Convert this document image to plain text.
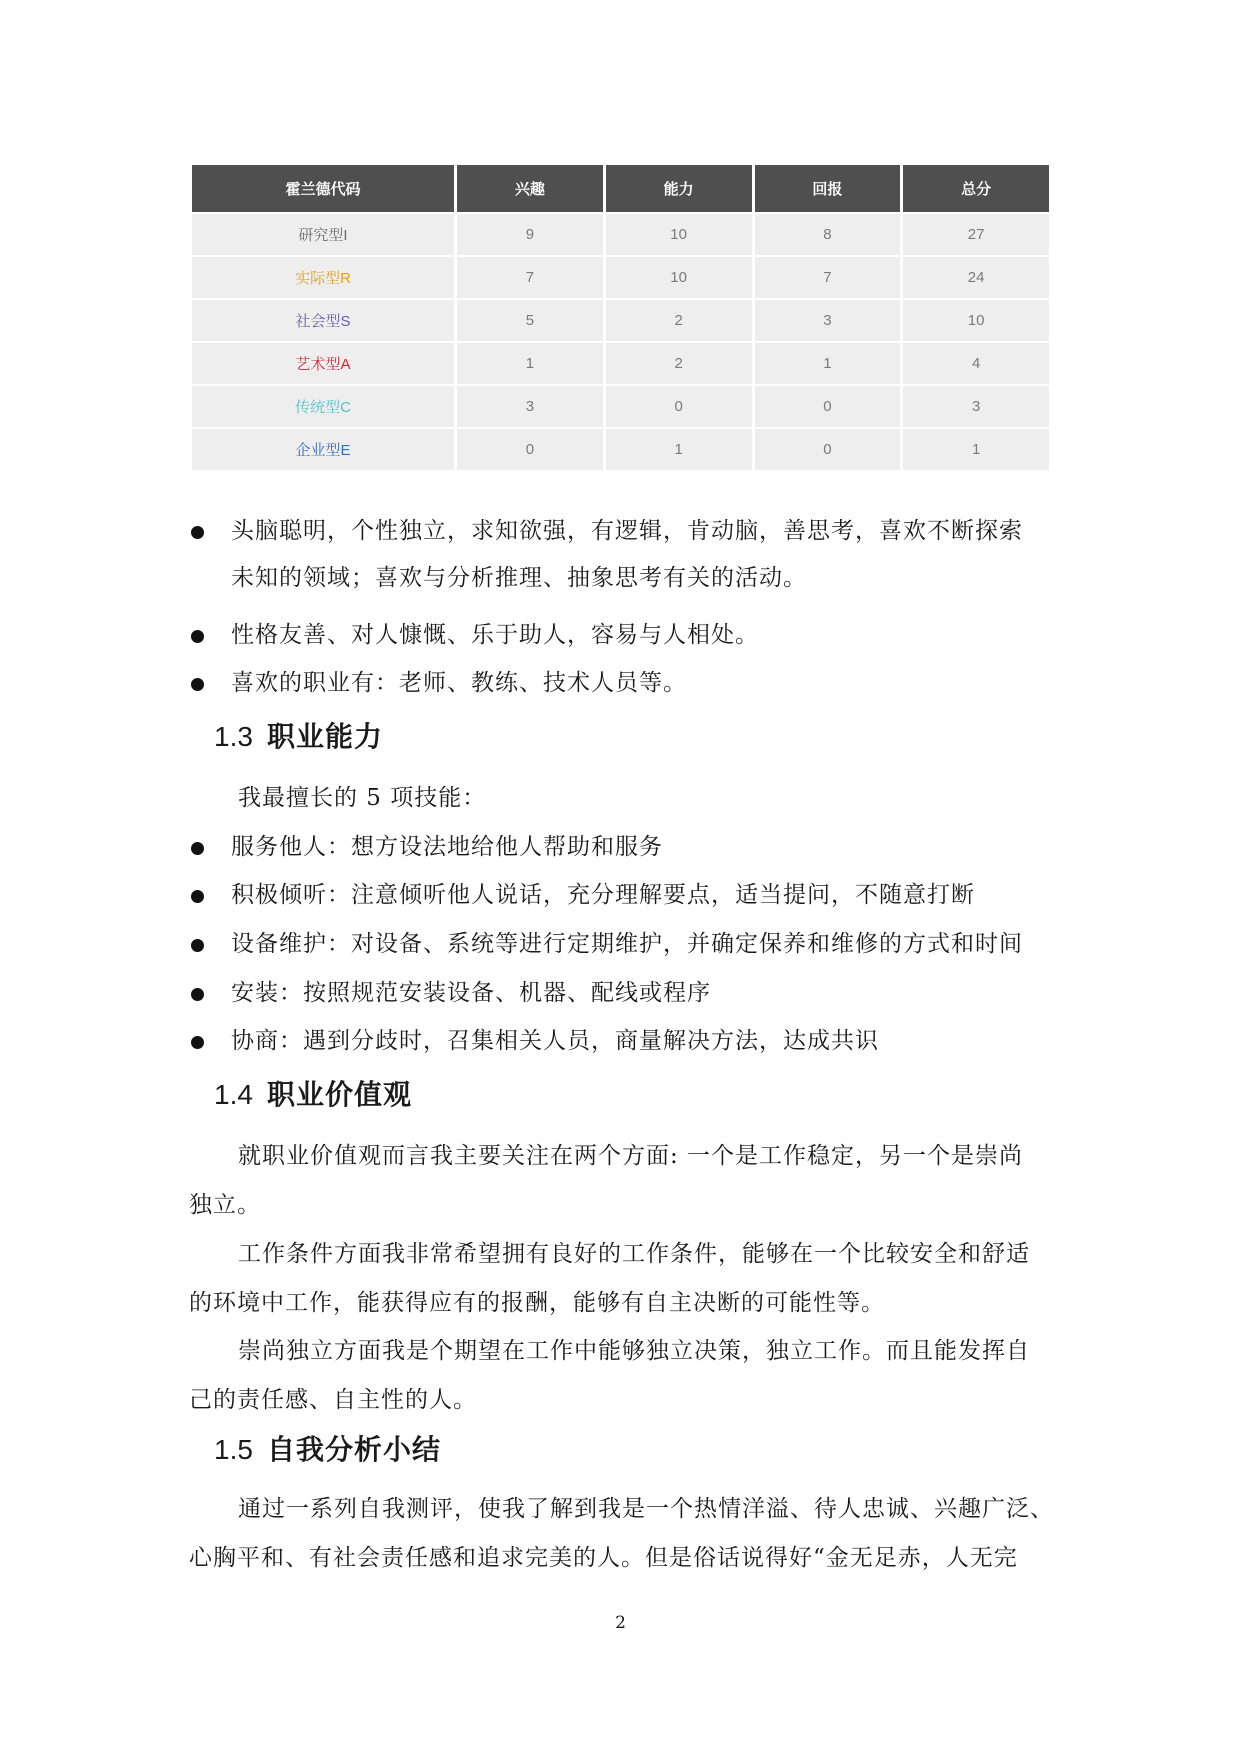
霍兰德代码	兴趣	能力	回报	总分
研究型I	9	10	8	27
实际型R	7	10	7	24
社会型S	5	2	3	10
艺术型A	1	2	1	4
传统型C	3	0	0	3
企业型E	0	1	0	1
头脑聪明，个性独立，求知欲强，有逻辑，肯动脑，善思考，喜欢不断探索
未知的领域；喜欢与分析推理、抽象思考有关的活动。
性格友善、对人慷慨、乐于助人，容易与人相处。
喜欢的职业有：老师、教练、技术人员等。
1.3 职业能力
我最擅长的 5 项技能：
服务他人：想方设法地给他人帮助和服务
积极倾听：注意倾听他人说话，充分理解要点，适当提问，不随意打断
设备维护：对设备、系统等进行定期维护，并确定保养和维修的方式和时间
安装：按照规范安装设备、机器、配线或程序
协商：遇到分歧时，召集相关人员，商量解决方法，达成共识
1.4 职业价值观
就职业价值观而言我主要关注在两个方面: 一个是工作稳定，另一个是崇尚
独立。
工作条件方面我非常希望拥有良好的工作条件，能够在一个比较安全和舒适
的环境中工作，能获得应有的报酬，能够有自主决断的可能性等。
崇尚独立方面我是个期望在工作中能够独立决策，独立工作。而且能发挥自
己的责任感、自主性的人。
1.5 自我分析小结
通过一系列自我测评，使我了解到我是一个热情洋溢、待人忠诚、兴趣广泛、
心胸平和、有社会责任感和追求完美的人。但是俗话说得好“金无足赤，人无完
2
